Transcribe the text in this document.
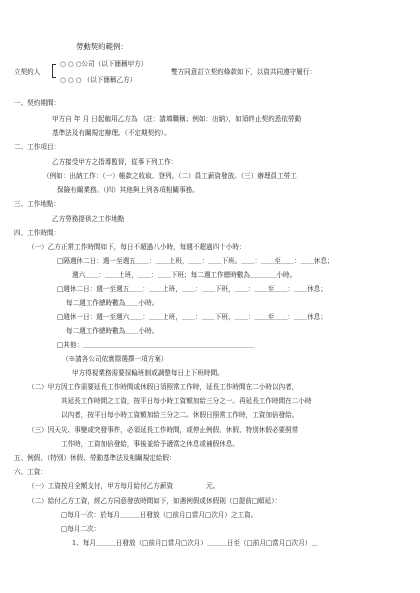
勞動契約範例：
○ ○ ○公司（以下簡稱甲方）
立契約人	雙方同意訂立契約條款如下，以資共同遵守履行：
○ ○ ○ （以下簡稱乙方）
一、契約期間：
甲方自 年 月 日起僱用乙方為 （註：請填職稱；例如：出納），如須終止契約悉依勞動
基準法及有關規定辦理。（不定期契約）。
二、工作項目：
乙方接受甲方之指導監督，從事下列工作：
（例如：出納工作：（一）帳款之收取、登列。（二）員工薪資發放。（三）辦理員工勞工
保險有關業務。（四）其他與上列各項相關事務。
三、工作地點：
乙方勞務提供之工作地點
四、工作時間：
（一）乙方正常工作時間如下，每日不超過八小時，每週不超過四十小時：
□隔週休二日：週一至週五＿＿：＿＿上班，＿＿：＿＿下班。＿＿：＿＿至＿＿：＿＿休息；
週六＿＿：＿＿上班，＿＿：＿＿下班；每二週工作總時數為＿＿＿＿小時。
□週休二日：週一至週五＿＿：＿＿上班，＿＿：＿＿下班，＿＿：＿＿至＿＿：＿＿休息；
每二週工作總時數為＿＿小時。
□週休一日：週一至週六＿＿：＿＿上班，＿＿：＿＿下班，＿＿：＿＿至＿＿：＿＿休息；
每二週工作總時數為＿＿小時。
□其他：＿＿＿＿＿＿＿＿＿＿＿＿＿＿＿＿＿＿＿＿＿＿＿＿＿＿
（※請各公司依實際選擇一項方案）
甲方得視業務需要採輪班制或調整每日上下班時間。
（二）甲方因工作需要延長工作時間或休假日須照常工作時，延長工作時間在二小時以內者，
其延長工作時間之工資，按平日每小時工資額加給三分之一。再延長工作時間在二小時
以內者，按平日每小時工資額加給三分之二。休假日照常工作時，工資加倍發給。
（三）因天災、事變或突發事件，必須延長工作時間，或停止例假、休假、特別休假必要照常
工作時，工資加倍發給，事後並給予適當之休息或補假休息。
五、例假、（特別）休假、勞動基準法及相關規定給假：
六、工資：
（一）工資按月全額支付，甲方每月給付乙方薪資　　　　　元。
（二）給付乙方工資，經乙方同意發放時間如下，如遇例假或休假則（□提前□順延）：
□每月一次：於每月＿＿＿日發放（□前月□當月□次月）之工資。
□每月二次：
1、每月＿＿＿日發放（□前月□當月□次月）＿＿＿日至（□前月□當月□次月）＿
